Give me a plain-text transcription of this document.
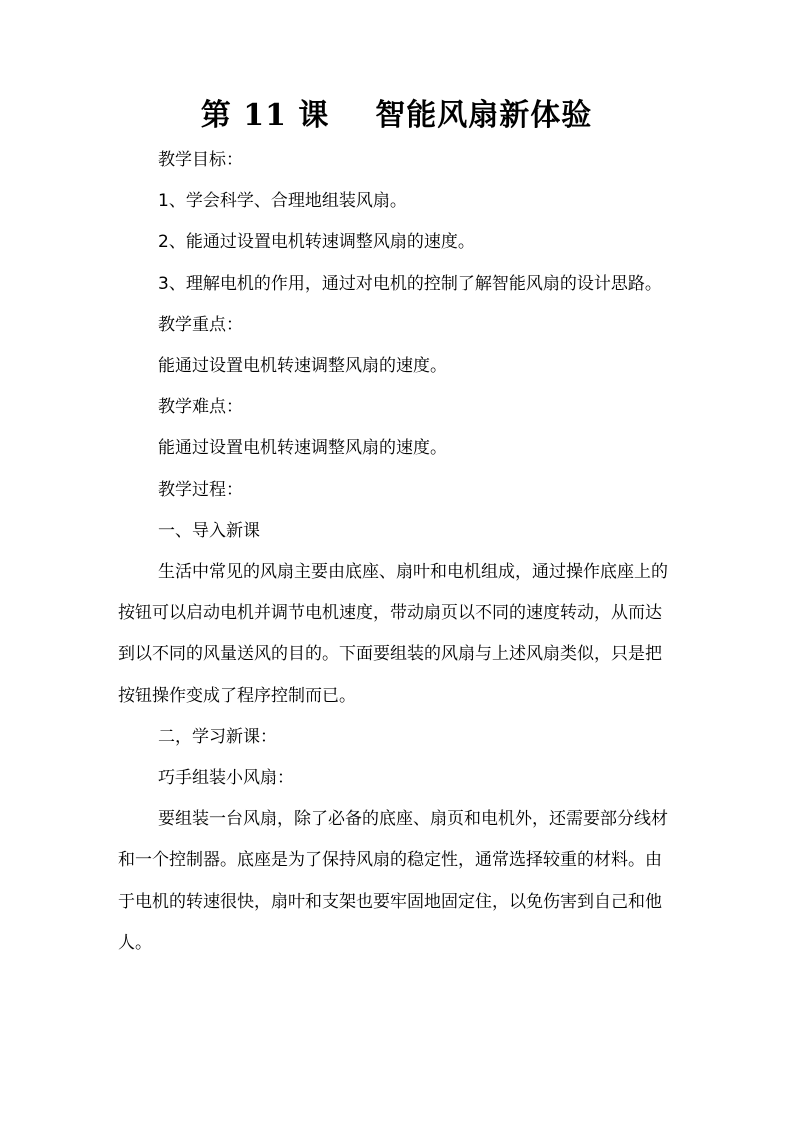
第 11 课    智能风扇新体验

教学目标：

1、学会科学、合理地组装风扇。

2、能通过设置电机转速调整风扇的速度。

3、理解电机的作用，通过对电机的控制了解智能风扇的设计思路。

教学重点：

能通过设置电机转速调整风扇的速度。

教学难点：

能通过设置电机转速调整风扇的速度。

教学过程：

一、导入新课

生活中常见的风扇主要由底座、扇叶和电机组成，通过操作底座上的按钮可以启动电机并调节电机速度，带动扇页以不同的速度转动，从而达到以不同的风量送风的目的。下面要组装的风扇与上述风扇类似，只是把按钮操作变成了程序控制而已。

二，学习新课：

巧手组装小风扇：

要组装一台风扇，除了必备的底座、扇页和电机外，还需要部分线材和一个控制器。底座是为了保持风扇的稳定性，通常选择较重的材料。由于电机的转速很快，扇叶和支架也要牢固地固定住，以免伤害到自己和他人。
